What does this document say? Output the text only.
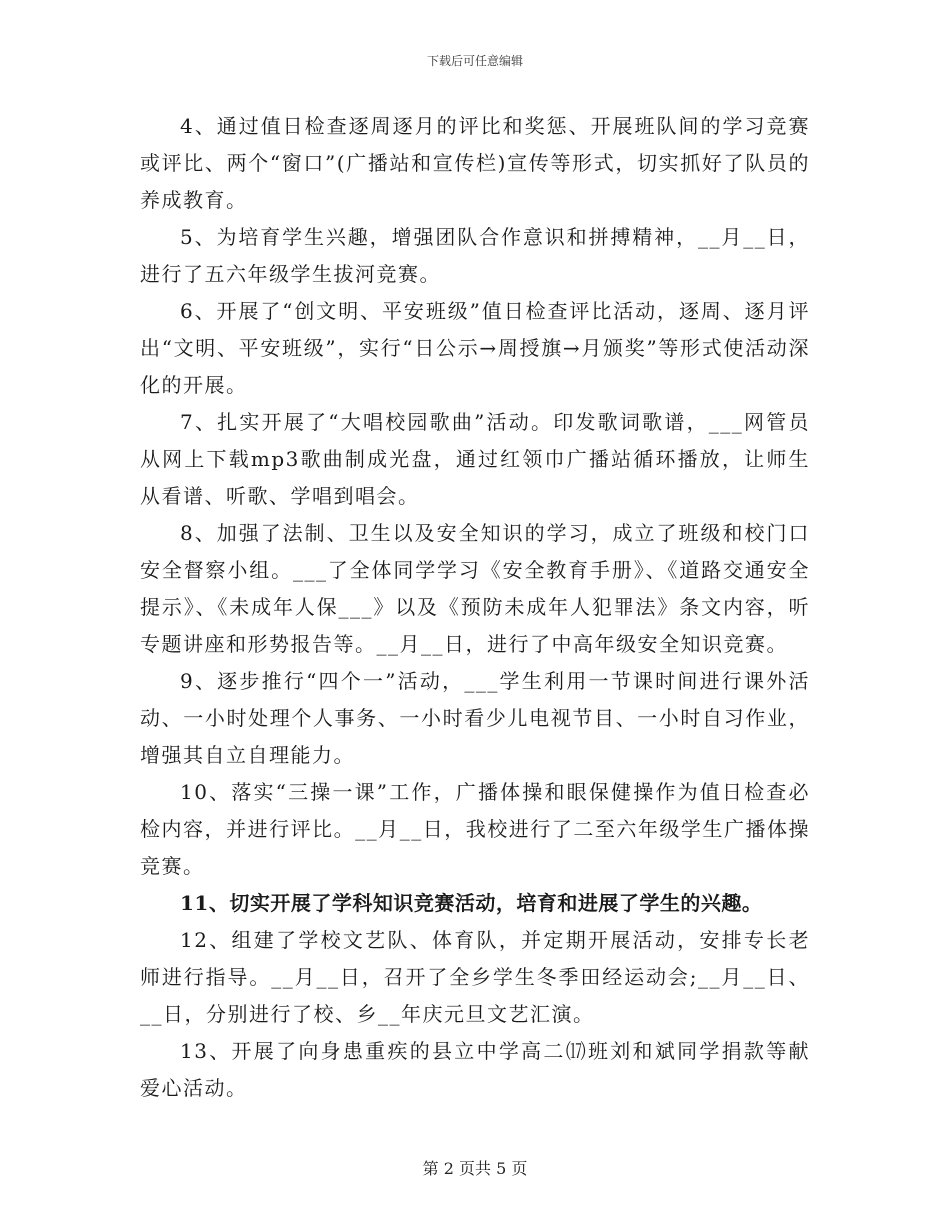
下载后可任意编辑

4、通过值日检查逐周逐月的评比和奖惩、开展班队间的学习竞赛或评比、两个“窗口”(广播站和宣传栏)宣传等形式，切实抓好了队员的养成教育。

5、为培育学生兴趣，增强团队合作意识和拼搏精神，__月__日，进行了五六年级学生拔河竞赛。

6、开展了“创文明、平安班级”值日检查评比活动，逐周、逐月评出“文明、平安班级”，实行“日公示→周授旗→月颁奖”等形式使活动深化的开展。

7、扎实开展了“大唱校园歌曲”活动。印发歌词歌谱，___网管员从网上下载mp3歌曲制成光盘，通过红领巾广播站循环播放，让师生从看谱、听歌、学唱到唱会。

8、加强了法制、卫生以及安全知识的学习，成立了班级和校门口安全督察小组。___了全体同学学习《安全教育手册》、《道路交通安全提示》、《未成年人保___》以及《预防未成年人犯罪法》条文内容，听专题讲座和形势报告等。__月__日，进行了中高年级安全知识竞赛。

9、逐步推行“四个一”活动，___学生利用一节课时间进行课外活动、一小时处理个人事务、一小时看少儿电视节目、一小时自习作业，增强其自立自理能力。

10、落实“三操一课”工作，广播体操和眼保健操作为值日检查必检内容，并进行评比。__月__日，我校进行了二至六年级学生广播体操竞赛。

11、切实开展了学科知识竞赛活动，培育和进展了学生的兴趣。

12、组建了学校文艺队、体育队，并定期开展活动，安排专长老师进行指导。__月__日，召开了全乡学生冬季田经运动会;__月__日、__日，分别进行了校、乡__年庆元旦文艺汇演。

13、开展了向身患重疾的县立中学高二⒄班刘和斌同学捐款等献爱心活动。

第 2 页共 5 页
